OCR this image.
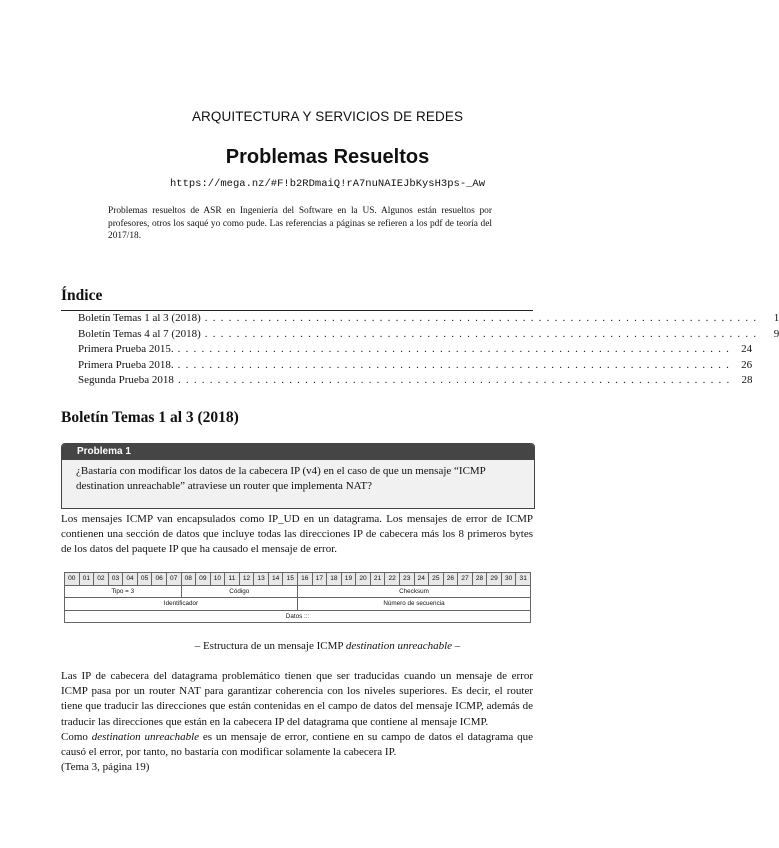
ARQUITECTURA Y SERVICIOS DE REDES
Problemas Resueltos
https://mega.nz/#F!b2RDmaiQ!rA7nuNAIEJbKysH3ps-_Aw
Problemas resueltos de ASR en Ingeniería del Software en la US. Algunos están resueltos por profesores, otros los saqué yo como pude. Las referencias a páginas se refieren a los pdf de teoría del 2017/18.
Índice
Boletín Temas 1 al 3 (2018) ......................................................................	1
Boletín Temas 4 al 7 (2018) ......................................................................	9
Primera Prueba 2015. ...................................................................... 24
Primera Prueba 2018. ...................................................................... 26
Segunda Prueba 2018 ...................................................................... 28
Boletín Temas 1 al 3 (2018)
Problema 1
¿Bastaría con modificar los datos de la cabecera IP (v4) en el caso de que un mensaje “ICMP destination unreachable” atraviese un router que implementa NAT?
Los mensajes ICMP van encapsulados como IP_UD en un datagrama. Los mensajes de error de ICMP contienen una sección de datos que incluye todas las direcciones IP de cabecera más los 8 primeros bytes de los datos del paquete IP que ha causado el mensaje de error.
00	01	02	03	04	05	06	07	08	09	10	11	12	13	14	15	16	17	18	19	20	21	22	23	24	25	26	27	28	29	30	31
Tipo = 3								Código								Checksum															
Identificador																Número de secuencia															
Datos :::																															
– Estructura de un mensaje ICMP destination unreachable –
Las IP de cabecera del datagrama problemático tienen que ser traducidas cuando un mensaje de error ICMP pasa por un router NAT para garantizar coherencia con los niveles superiores. Es decir, el router tiene que traducir las direcciones que están contenidas en el campo de datos del mensaje ICMP, además de traducir las direcciones que están en la cabecera IP del datagrama que contiene al mensaje ICMP.
Como destination unreachable es un mensaje de error, contiene en su campo de datos el datagrama que causó el error, por tanto, no bastaría con modificar solamente la cabecera IP.
(Tema 3, página 19)
